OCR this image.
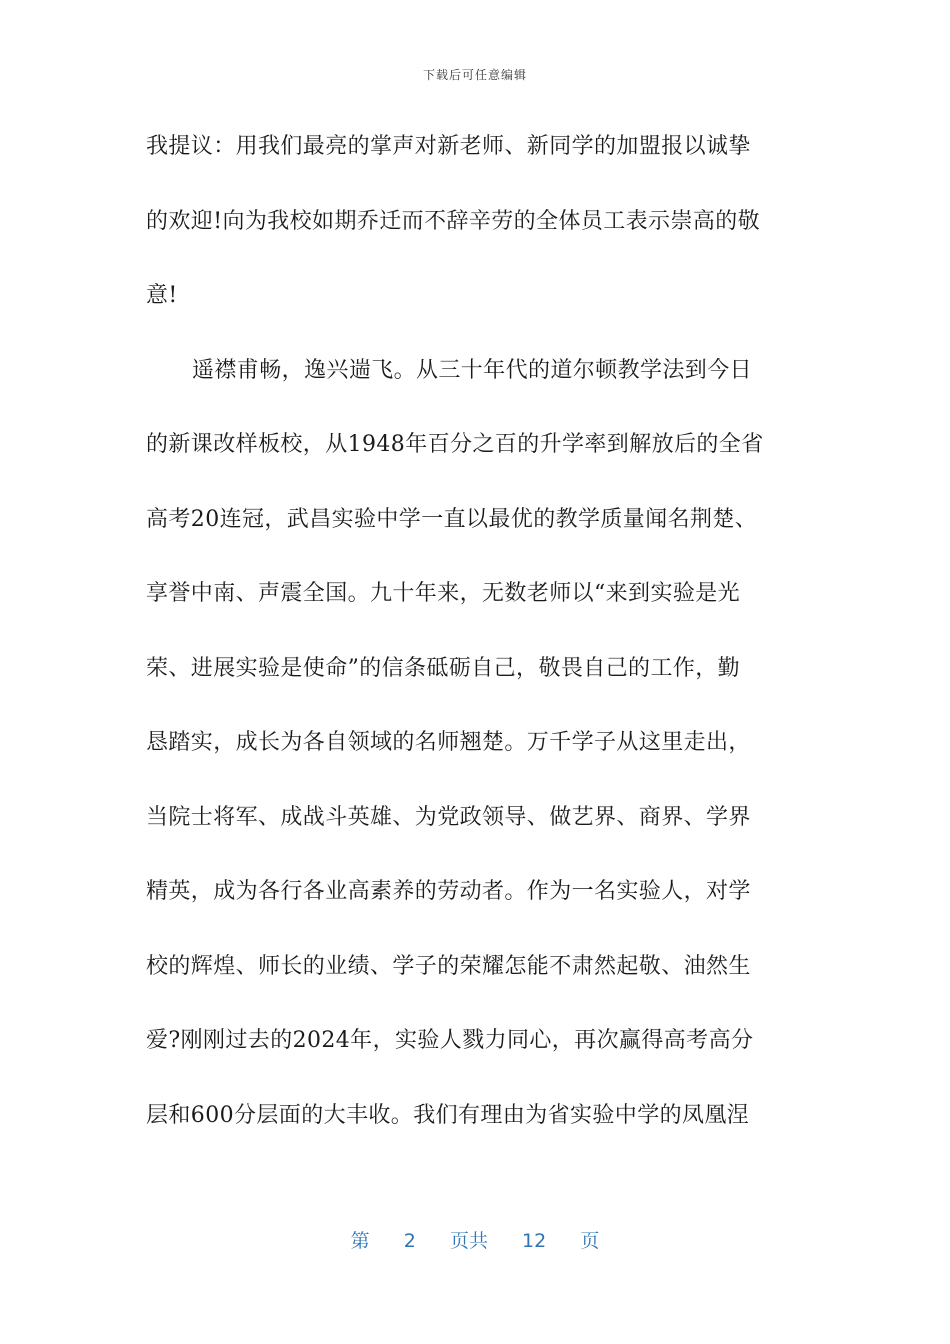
下载后可任意编辑
我提议：用我们最亮的掌声对新老师、新同学的加盟报以诚挚
的欢迎!向为我校如期乔迁而不辞辛劳的全体员工表示崇高的敬
意!
遥襟甫畅，逸兴遄飞。从三十年代的道尔顿教学法到今日
的新课改样板校，从1948年百分之百的升学率到解放后的全省
高考20连冠，武昌实验中学一直以最优的教学质量闻名荆楚、
享誉中南、声震全国。九十年来，无数老师以“来到实验是光
荣、进展实验是使命”的信条砥砺自己，敬畏自己的工作，勤
恳踏实，成长为各自领域的名师翘楚。万千学子从这里走出，
当院士将军、成战斗英雄、为党政领导、做艺界、商界、学界
精英，成为各行各业高素养的劳动者。作为一名实验人，对学
校的辉煌、师长的业绩、学子的荣耀怎能不肃然起敬、油然生
爱?刚刚过去的2024年，实验人戮力同心，再次赢得高考高分
层和600分层面的大丰收。我们有理由为省实验中学的凤凰涅
第 2 页共 12 页
